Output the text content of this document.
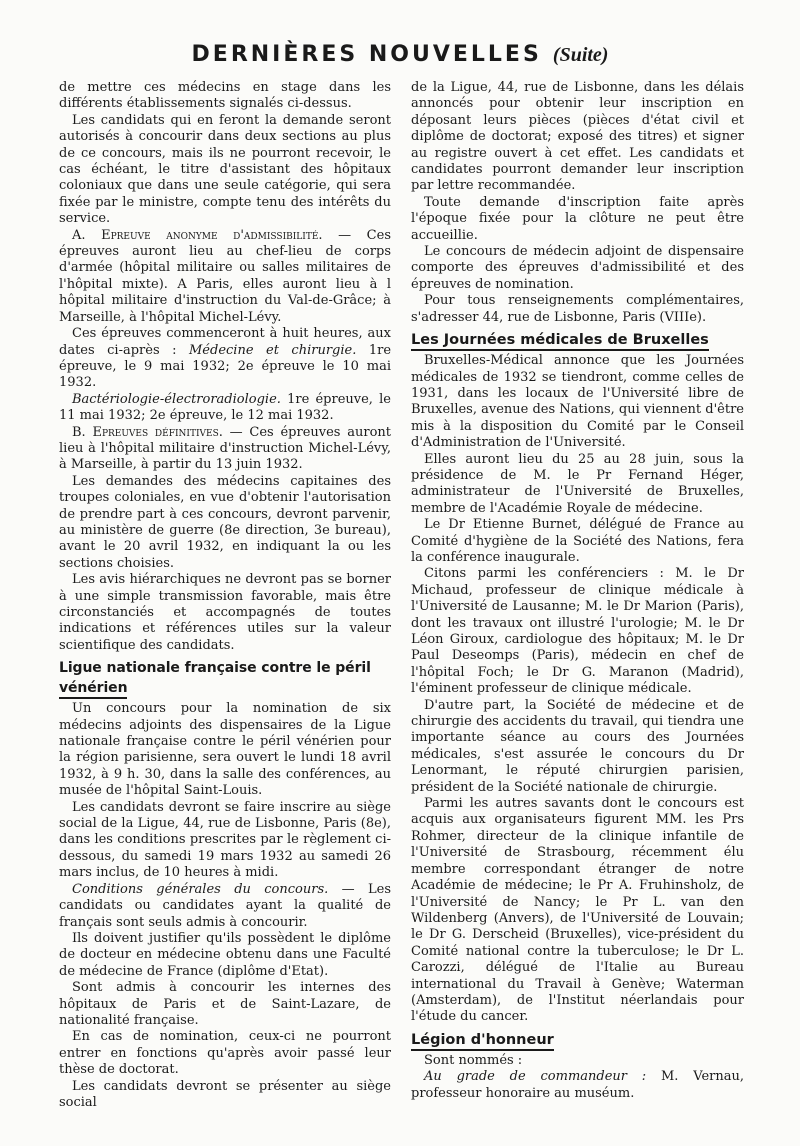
DERNIÈRES NOUVELLES (Suite)

de mettre ces médecins en stage dans les différents établissements signalés ci-dessus.

Les candidats qui en feront la demande seront autorisés à concourir dans deux sections au plus de ce concours, mais ils ne pourront recevoir, le cas échéant, le titre d'assistant des hôpitaux coloniaux que dans une seule catégorie, qui sera fixée par le ministre, compte tenu des intérêts du service.

A. Epreuve anonyme d'admissibilité. — Ces épreuves auront lieu au chef-lieu de corps d'armée (hôpital militaire ou salles militaires de l'hôpital mixte). A Paris, elles auront lieu à l hôpital militaire d'instruction du Val-de-Grâce; à Marseille, à l'hôpital Michel-Lévy.

Ces épreuves commenceront à huit heures, aux dates ci-après : Médecine et chirurgie. 1re épreuve, le 9 mai 1932; 2e épreuve le 10 mai 1932.

Bactériologie-électroradiologie. 1re épreuve, le 11 mai 1932; 2e épreuve, le 12 mai 1932.

B. Epreuves définitives. — Ces épreuves auront lieu à l'hôpital militaire d'instruction Michel-Lévy, à Marseille, à partir du 13 juin 1932.

Les demandes des médecins capitaines des troupes coloniales, en vue d'obtenir l'autorisation de prendre part à ces concours, devront parvenir, au ministère de guerre (8e direction, 3e bureau), avant le 20 avril 1932, en indiquant la ou les sections choisies.

Les avis hiérarchiques ne devront pas se borner à une simple transmission favorable, mais être circonstanciés et accompagnés de toutes indications et références utiles sur la valeur scientifique des candidats.

Ligue nationale française contre le péril
vénérien

Un concours pour la nomination de six médecins adjoints des dispensaires de la Ligue nationale française contre le péril vénérien pour la région parisienne, sera ouvert le lundi 18 avril 1932, à 9 h. 30, dans la salle des conférences, au musée de l'hôpital Saint-Louis.

Les candidats devront se faire inscrire au siège social de la Ligue, 44, rue de Lisbonne, Paris (8e), dans les conditions prescrites par le règlement ci-dessous, du samedi 19 mars 1932 au samedi 26 mars inclus, de 10 heures à midi.

Conditions générales du concours. — Les candidats ou candidates ayant la qualité de français sont seuls admis à concourir.

Ils doivent justifier qu'ils possèdent le diplôme de docteur en médecine obtenu dans une Faculté de médecine de France (diplôme d'Etat).

Sont admis à concourir les internes des hôpitaux de Paris et de Saint-Lazare, de nationalité française.

En cas de nomination, ceux-ci ne pourront entrer en fonctions qu'après avoir passé leur thèse de doctorat.

Les candidats devront se présenter au siège social

de la Ligue, 44, rue de Lisbonne, dans les délais annoncés pour obtenir leur inscription en déposant leurs pièces (pièces d'état civil et diplôme de doctorat; exposé des titres) et signer au registre ouvert à cet effet. Les candidats et candidates pourront demander leur inscription par lettre recommandée.

Toute demande d'inscription faite après l'époque fixée pour la clôture ne peut être accueillie.

Le concours de médecin adjoint de dispensaire comporte des épreuves d'admissibilité et des épreuves de nomination.

Pour tous renseignements complémentaires, s'adresser 44, rue de Lisbonne, Paris (VIIIe).

Les Journées médicales de Bruxelles

Bruxelles-Médical annonce que les Journées médicales de 1932 se tiendront, comme celles de 1931, dans les locaux de l'Université libre de Bruxelles, avenue des Nations, qui viennent d'être mis à la disposition du Comité par le Conseil d'Administration de l'Université.

Elles auront lieu du 25 au 28 juin, sous la présidence de M. le Pr Fernand Héger, administrateur de l'Université de Bruxelles, membre de l'Académie Royale de médecine.

Le Dr Etienne Burnet, délégué de France au Comité d'hygiène de la Société des Nations, fera la conférence inaugurale.

Citons parmi les conférenciers : M. le Dr Michaud, professeur de clinique médicale à l'Université de Lausanne; M. le Dr Marion (Paris), dont les travaux ont illustré l'urologie; M. le Dr Léon Giroux, cardiologue des hôpitaux; M. le Dr Paul Deseomps (Paris), médecin en chef de l'hôpital Foch; le Dr G. Maranon (Madrid), l'éminent professeur de clinique médicale.

D'autre part, la Société de médecine et de chirurgie des accidents du travail, qui tiendra une importante séance au cours des Journées médicales, s'est assurée le concours du Dr Lenormant, le réputé chirurgien parisien, président de la Société nationale de chirurgie.

Parmi les autres savants dont le concours est acquis aux organisateurs figurent MM. les Prs Rohmer, directeur de la clinique infantile de l'Université de Strasbourg, récemment élu membre correspondant étranger de notre Académie de médecine; le Pr A. Fruhinsholz, de l'Université de Nancy; le Pr L. van den Wildenberg (Anvers), de l'Université de Louvain; le Dr G. Derscheid (Bruxelles), vice-président du Comité national contre la tuberculose; le Dr L. Carozzi, délégué de l'Italie au Bureau international du Travail à Genève; Waterman (Amsterdam), de l'Institut néerlandais pour l'étude du cancer.

Légion d'honneur

Sont nommés :

Au grade de commandeur : M. Vernau, professeur honoraire au muséum.
